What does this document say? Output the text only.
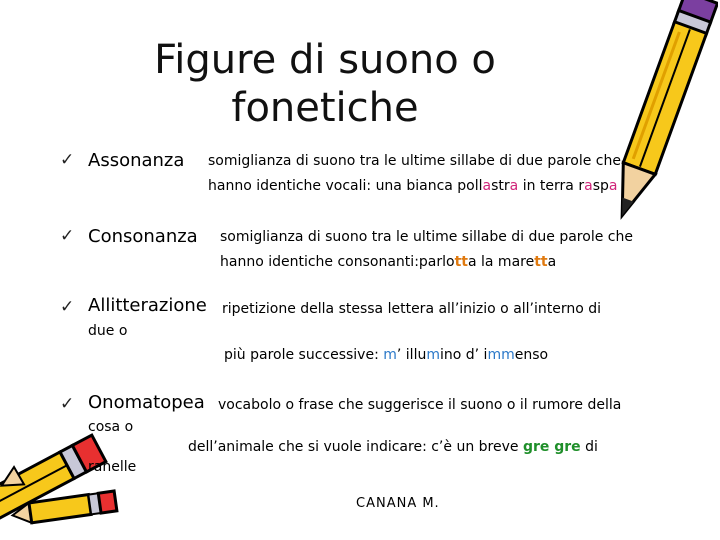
Figure di suono o
fonetiche
✓ Assonanza somiglianza di suono tra le ultime sillabe di due parole che
hanno identiche vocali: una bianca pollastra in terra raspa
✓ Consonanza somiglianza di suono tra le ultime sillabe di due parole che
hanno identiche consonanti:parlotta la maretta
✓ Allitterazione ripetizione della stessa lettera all’inizio o all’interno di
due o
più parole successive: m’ illumino d’ immenso
✓ Onomatopea vocabolo o frase che suggerisce il suono o il rumore della
cosa o
dell’animale che si vuole indicare: c’è un breve gre gre di
ranelle
CANANA M.
